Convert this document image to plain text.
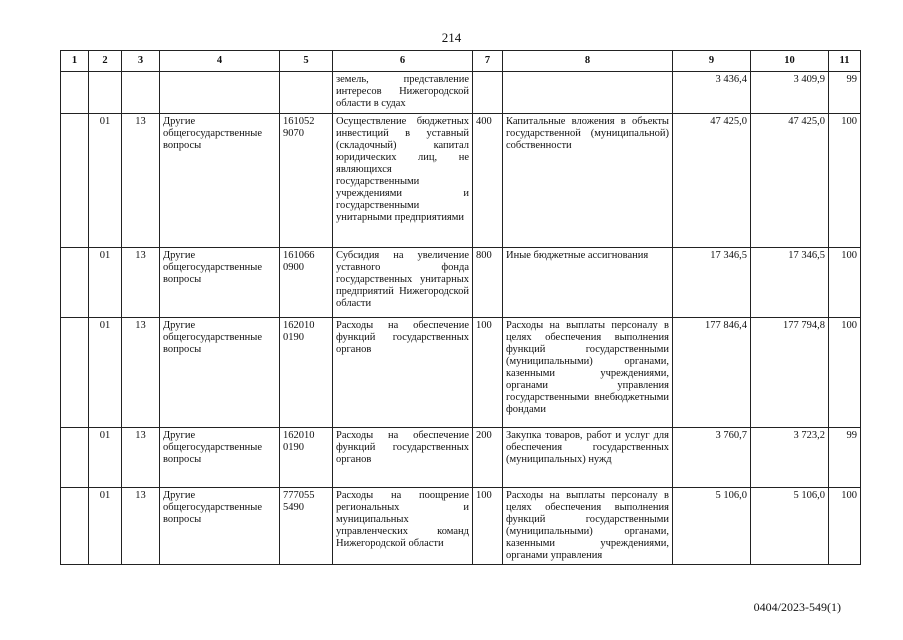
214
1	2	3	4	5	6	7	8	9	10	11
					земель, представление интересов Нижегородской области в судах			3 436,4	3 409,9	99
	01	13	Другие общегосударственные вопросы	161052 9070	Осуществление бюджетных инвестиций в уставный (складочный) капитал юридических лиц, не являющихся государственными учреждениями и государственными унитарными предприятиями	400	Капитальные вложения в объекты государственной (муниципальной) собственности	47 425,0	47 425,0	100
	01	13	Другие общегосударственные вопросы	161066 0900	Субсидия на увеличение уставного фонда государственных унитарных предприятий Нижегородской области	800	Иные бюджетные ассигнования	17 346,5	17 346,5	100
	01	13	Другие общегосударственные вопросы	162010 0190	Расходы на обеспечение функций государственных органов	100	Расходы на выплаты персоналу в целях обеспечения выполнения функций государственными (муниципальными) органами, казенными учреждениями, органами управления государственными внебюджетными фондами	177 846,4	177 794,8	100
	01	13	Другие общегосударственные вопросы	162010 0190	Расходы на обеспечение функций государственных органов	200	Закупка товаров, работ и услуг для обеспечения государственных (муниципальных) нужд	3 760,7	3 723,2	99
	01	13	Другие общегосударственные вопросы	777055 5490	Расходы на поощрение региональных и муниципальных управленческих команд Нижегородской области	100	Расходы на выплаты персоналу в целях обеспечения выполнения функций государственными (муниципальными) органами, казенными учреждениями, органами управления	5 106,0	5 106,0	100
0404/2023-549(1)
